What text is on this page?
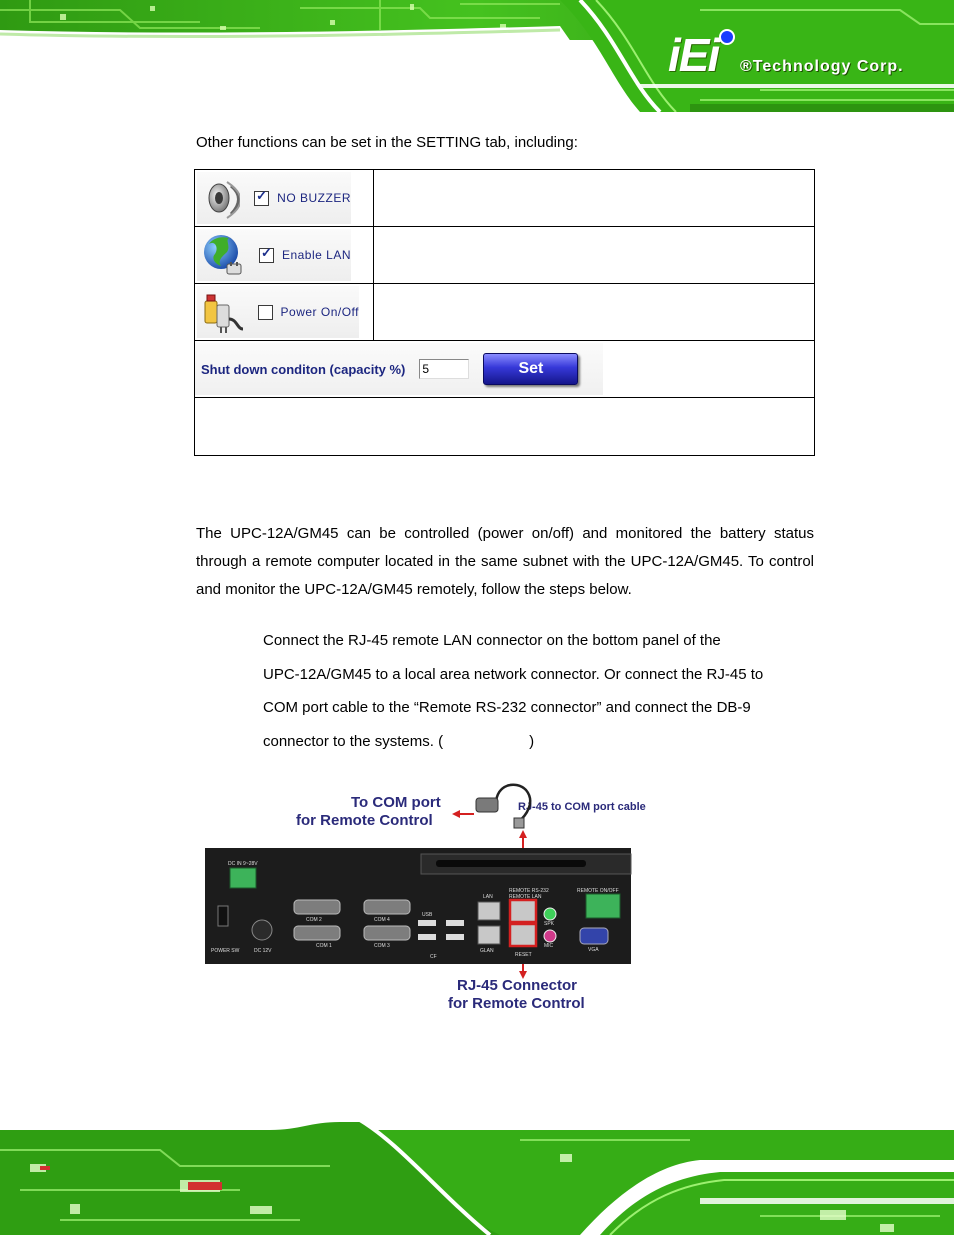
iEi ®Technology Corp.
Other functions can be set in the SETTING tab, including:
✓
NO BUZZER

✓
Enable LAN

Power On/Off	

Shut down conditon (capacity %)
5 Set

The UPC-12A/GM45 can be controlled (power on/off) and monitored the battery status through a remote computer located in the same subnet with the UPC-12A/GM45. To control and monitor the UPC-12A/GM45 remotely, follow the steps below.
Connect the RJ-45 remote LAN connector on the bottom panel of the
UPC-12A/GM45 to a local area network connector. Or connect the RJ-45 to
COM port cable to the “Remote RS-232 connector” and connect the DB-9
connector to the systems. (	)
To COM port
for Remote Control
RJ-45 to COM port cable
DC IN 9~28V
POWER SW	DC 12V
COM 2
COM 1
COM 4
COM 3
USB
LAN
GLAN
REMOTE RS-232
REMOTE LAN
REMOTE ON/OFF
SPK
MIC
VGA
RESET
CF
RJ-45 Connector
for Remote Control
